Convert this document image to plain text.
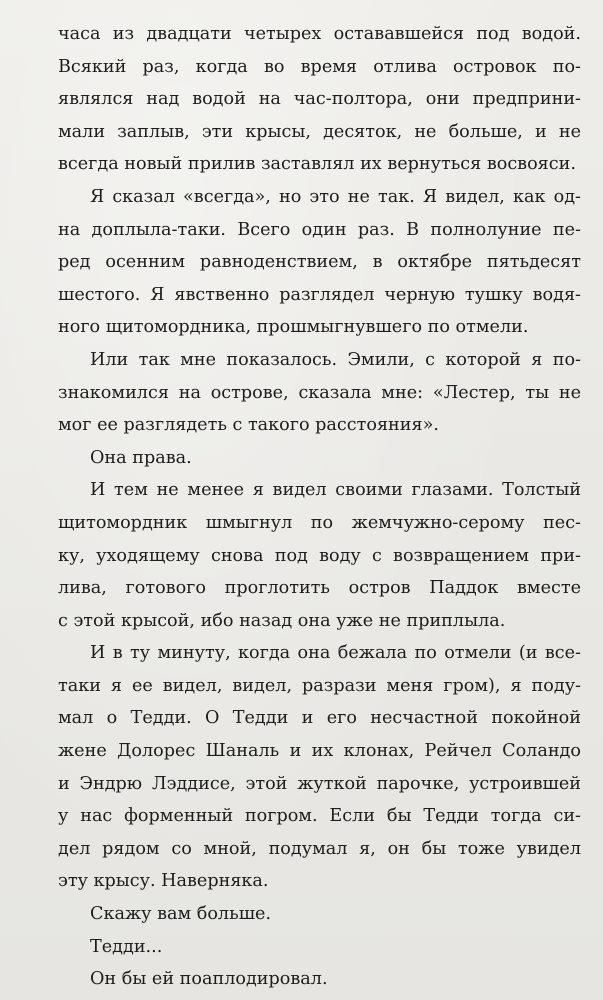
часа из двадцати четырех остававшейся под водой.
Всякий раз, когда во время отлива островок по-
являлся над водой на час-полтора, они предприни-
мали заплыв, эти крысы, десяток, не больше, и не
всегда новый прилив заставлял их вернуться восвояси.

Я сказал «всегда», но это не так. Я видел, как од-
на доплыла-таки. Всего один раз. В полнолуние пе-
ред осенним равноденствием, в октябре пятьдесят
шестого. Я явственно разглядел черную тушку водя-
ного щитомордника, прошмыгнувшего по отмели.

Или так мне показалось. Эмили, с которой я по-
знакомился на острове, сказала мне: «Лестер, ты не
мог ее разглядеть с такого расстояния».

Она права.

И тем не менее я видел своими глазами. Толстый
щитомордник шмыгнул по жемчужно-серому пес-
ку, уходящему снова под воду с возвращением при-
лива, готового проглотить остров Паддок вместе
с этой крысой, ибо назад она уже не приплыла.

И в ту минуту, когда она бежала по отмели (и все-
таки я ее видел, видел, разрази меня гром), я поду-
мал о Тедди. О Тедди и его несчастной покойной
жене Долорес Шаналь и их клонах, Рейчел Соландо
и Эндрю Лэддисе, этой жуткой парочке, устроившей
у нас форменный погром. Если бы Тедди тогда си-
дел рядом со мной, подумал я, он бы тоже увидел
эту крысу. Наверняка.

Скажу вам больше.

Тедди...

Он бы ей поаплодировал.
